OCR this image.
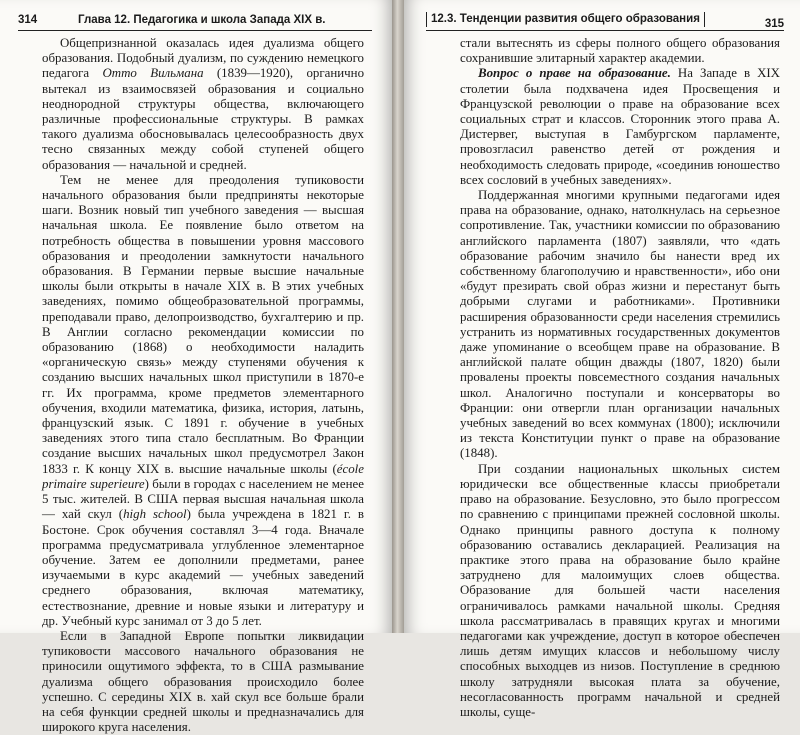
314	Глава 12. Педагогика и школа Запада XIX в.

Общепризнанной оказалась идея дуализма общего образования. Подобный дуализм, по суждению немецкого педагога Отто Вильмана (1839—1920), органично вытекал из взаимосвязей образования и социально неоднородной структуры общества, включающего различные профессиональные структуры. В рамках такого дуализма обосновывалась целесообразность двух тесно связанных между собой ступеней общего образования — начальной и средней.

Тем не менее для преодоления тупиковости начального образования были предприняты некоторые шаги. Возник новый тип учебного заведения — высшая начальная школа. Ее появление было ответом на потребность общества в повышении уровня массового образования и преодолении замкнутости начального образования. В Германии первые высшие начальные школы были открыты в начале XIX в. В этих учебных заведениях, помимо общеобразовательной программы, преподавали право, делопроизводство, бухгалтерию и пр. В Англии согласно рекомендации комиссии по образованию (1868) о необходимости наладить «органическую связь» между ступенями обучения к созданию высших начальных школ приступили в 1870-е гг. Их программа, кроме предметов элементарного обучения, входили математика, физика, история, латынь, французский язык. С 1891 г. обучение в учебных заведениях этого типа стало бесплатным. Во Франции создание высших начальных школ предусмотрел Закон 1833 г. К концу XIX в. высшие начальные школы (école primaire superieure) были в городах с населением не менее 5 тыс. жителей. В США первая высшая начальная школа — хай скул (high school) была учреждена в 1821 г. в Бостоне. Срок обучения составлял 3—4 года. Вначале программа предусматривала углубленное элементарное обучение. Затем ее дополнили предметами, ранее изучаемыми в курс академий — учебных заведений среднего образования, включая математику, естествознание, древние и новые языки и литературу и др. Учебный курс занимал от 3 до 5 лет.

Если в Западной Европе попытки ликвидации тупиковости массового начального образования не приносили ощутимого эффекта, то в США размывание дуализма общего образования происходило более успешно. С середины XIX в. хай скул все больше брали на себя функции средней школы и предназначались для широкого круга населения.

12.3. Тенденции развития общего образования	315

стали вытеснять из сферы полного общего образования сохранившие элитарный характер академии.

Вопрос о праве на образование. На Западе в XIX столетии была подхвачена идея Просвещения и Французской революции о праве на образование всех социальных страт и классов. Сторонник этого права А. Дистервег, выступая в Гамбургском парламенте, провозгласил равенство детей от рождения и необходимость следовать природе, «соединив юношество всех сословий в учебных заведениях».

Поддержанная многими крупными педагогами идея права на образование, однако, натолкнулась на серьезное сопротивление. Так, участники комиссии по образованию английского парламента (1807) заявляли, что «дать образование рабочим значило бы нанести вред их собственному благополучию и нравственности», ибо они «будут презирать свой образ жизни и перестанут быть добрыми слугами и работниками». Противники расширения образованности среди населения стремились устранить из нормативных государственных документов даже упоминание о всеобщем праве на образование. В английской палате общин дважды (1807, 1820) были провалены проекты повсеместного создания начальных школ. Аналогично поступали и консерваторы во Франции: они отвергли план организации начальных учебных заведений во всех коммунах (1800); исключили из текста Конституции пункт о праве на образование (1848).

При создании национальных школьных систем юридически все общественные классы приобретали право на образование. Безусловно, это было прогрессом по сравнению с принципами прежней сословной школы. Однако принципы равного доступа к полному образованию оставались декларацией. Реализация на практике этого права на образование было крайне затруднено для малоимущих слоев общества. Образование для большей части населения ограничивалось рамками начальной школы. Средняя школа рассматривалась в правящих кругах и многими педагогами как учреждение, доступ в которое обеспечен лишь детям имущих классов и небольшому числу способных выходцев из низов. Поступление в среднюю школу затрудняли высокая плата за обучение, несогласованность программ начальной и средней школы, суще-
